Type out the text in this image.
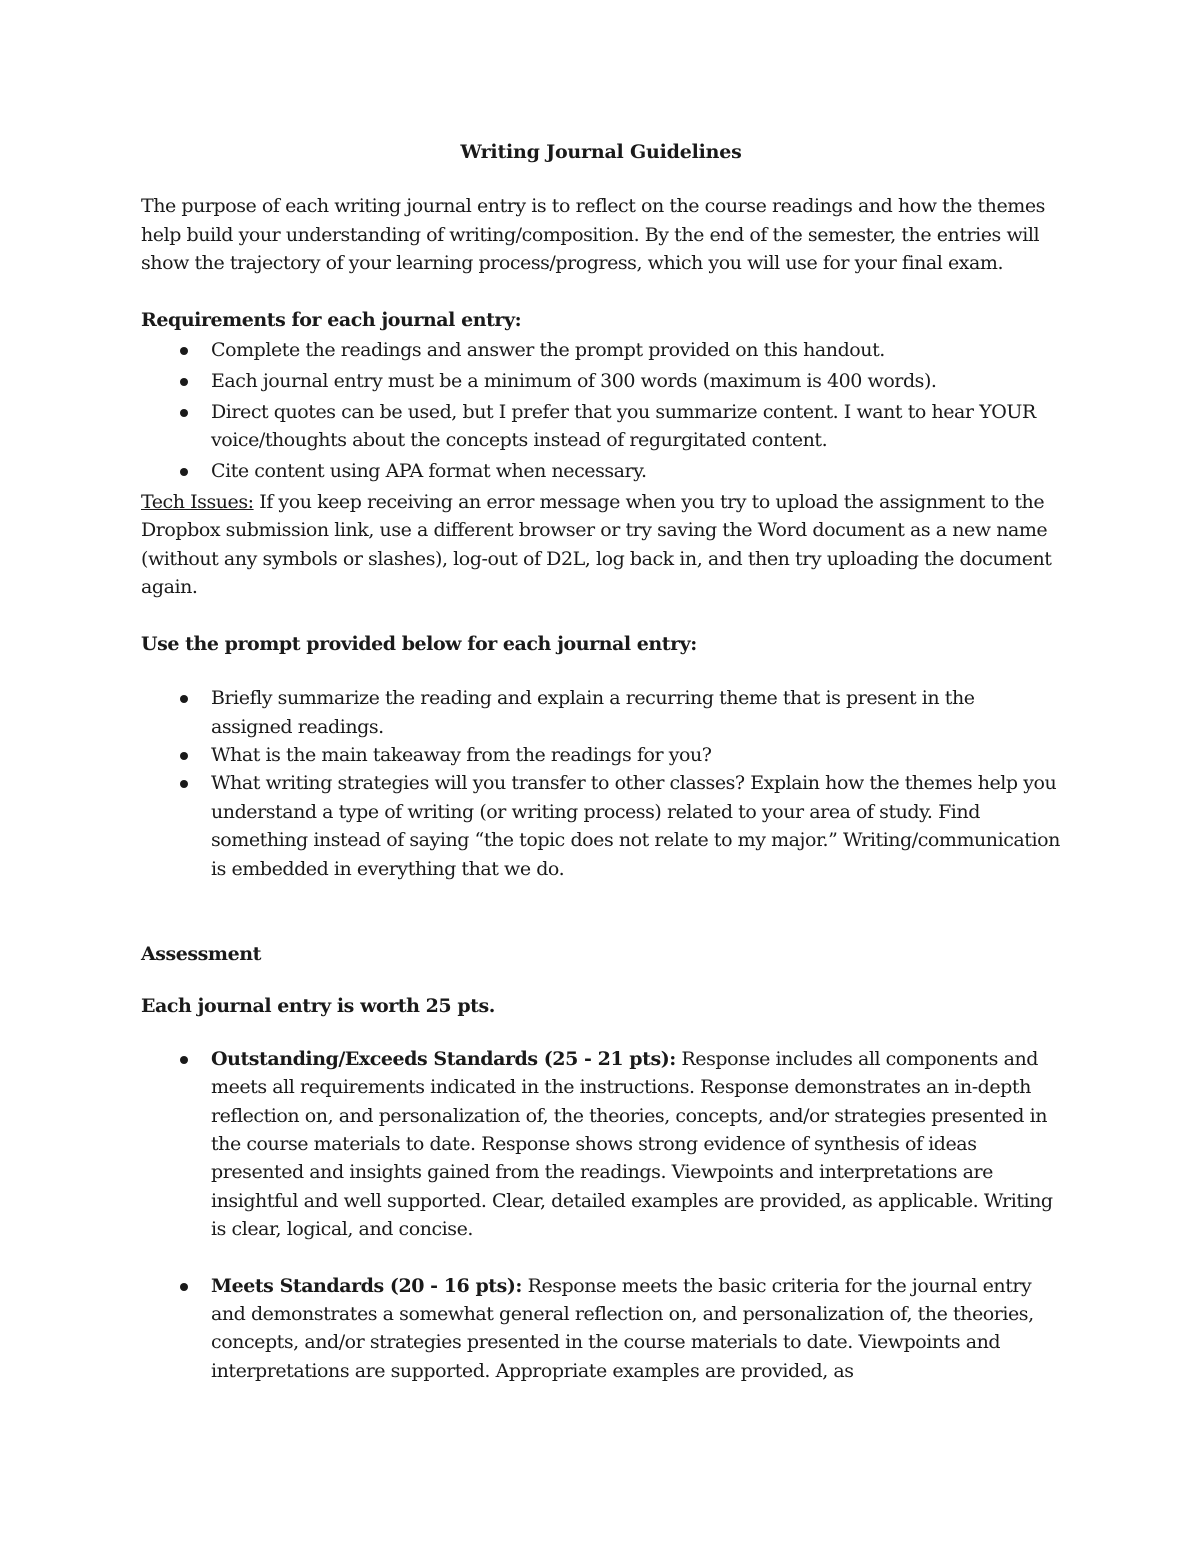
Writing Journal Guidelines

The purpose of each writing journal entry is to reflect on the course readings and how the themes help build your understanding of writing/composition. By the end of the semester, the entries will show the trajectory of your learning process/progress, which you will use for your final exam.

Requirements for each journal entry:

Complete the readings and answer the prompt provided on this handout.
Each journal entry must be a minimum of 300 words (maximum is 400 words).
Direct quotes can be used, but I prefer that you summarize content. I want to hear YOUR voice/thoughts about the concepts instead of regurgitated content.
Cite content using APA format when necessary.

Tech Issues: If you keep receiving an error message when you try to upload the assignment to the Dropbox submission link, use a different browser or try saving the Word document as a new name (without any symbols or slashes), log-out of D2L, log back in, and then try uploading the document again.

Use the prompt provided below for each journal entry:

Briefly summarize the reading and explain a recurring theme that is present in the assigned readings.
What is the main takeaway from the readings for you?
What writing strategies will you transfer to other classes? Explain how the themes help you understand a type of writing (or writing process) related to your area of study. Find something instead of saying “the topic does not relate to my major.” Writing/communication is embedded in everything that we do.

Assessment

Each journal entry is worth 25 pts.

Outstanding/Exceeds Standards (25 - 21 pts): Response includes all components and meets all requirements indicated in the instructions. Response demonstrates an in-depth reflection on, and personalization of, the theories, concepts, and/or strategies presented in the course materials to date. Response shows strong evidence of synthesis of ideas presented and insights gained from the readings. Viewpoints and interpretations are insightful and well supported. Clear, detailed examples are provided, as applicable. Writing is clear, logical, and concise.
Meets Standards (20 - 16 pts): Response meets the basic criteria for the journal entry and demonstrates a somewhat general reflection on, and personalization of, the theories, concepts, and/or strategies presented in the course materials to date. Viewpoints and interpretations are supported. Appropriate examples are provided, as
